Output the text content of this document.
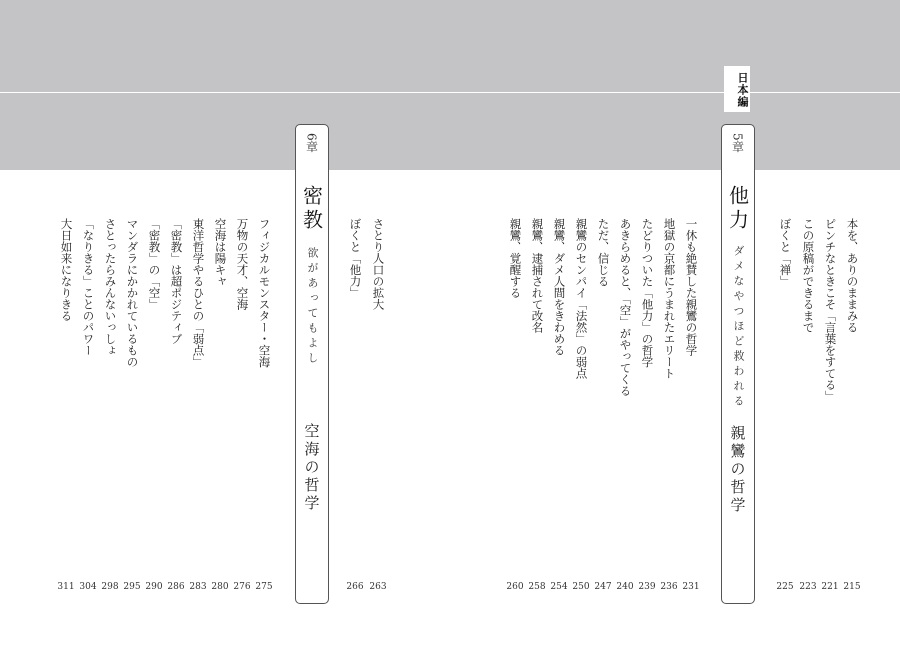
日本編
5章
他力
ダメなやつほど救われる
親鸞の哲学
6章
密教
欲があってもよし
空海の哲学
本を、ありのままみる
ピンチなときこそ「言葉をすてる」
この原稿ができるまで
ぼくと「禅」
一休も絶賛した親鸞の哲学
地獄の京都にうまれたエリート
たどりついた「他力」の哲学
あきらめると、「空」がやってくる
ただ、信じる
親鸞のセンパイ「法然」の弱点
親鸞、ダメ人間をきわめる
親鸞、逮捕されて改名
親鸞、覚醒する
さとり人口の拡大
ぼくと「他力」
フィジカルモンスター・空海
万物の天才、空海
空海は陽キャ
東洋哲学やるひとの「弱点」
「密教」は超ポジティブ
「密教」の「空」
マンダラにかかれているもの
さとったらみんないっしょ
「なりきる」ことのパワー
大日如来になりきる
215
221
223
225
231
236
239
240
247
250
254
258
260
263
266
275
276
280
283
286
290
295
298
304
311
